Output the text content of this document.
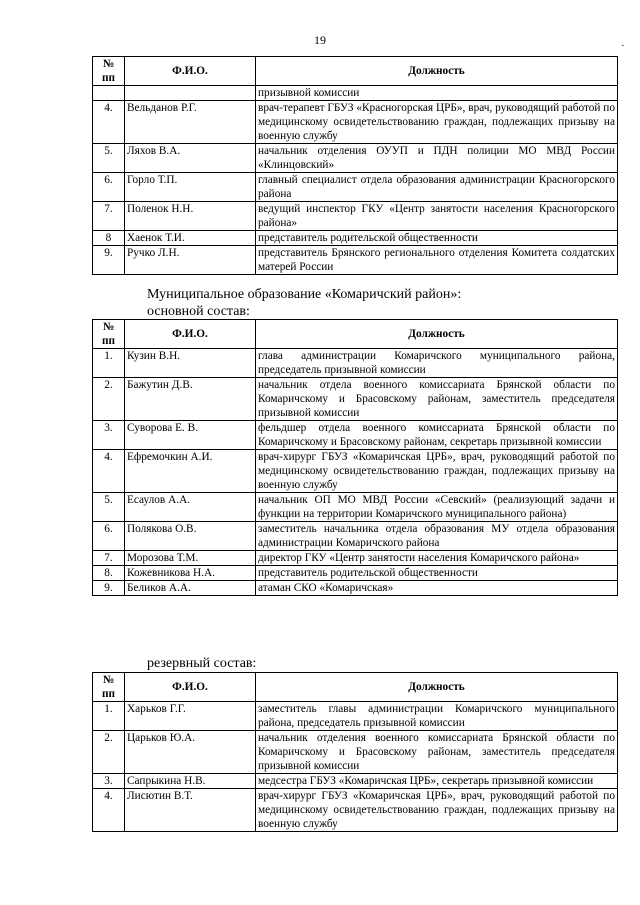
19	·
№ пп	Ф.И.О.	Должность
		призывной комиссии
4.	Вельданов Р.Г.	врач-терапевт ГБУЗ «Красногорская ЦРБ», врач, руководящий работой по медицинскому освидетельствованию граждан, подлежащих призыву на военную службу
5.	Ляхов В.А.	начальник отделения ОУУП и ПДН полиции МО МВД России «Клинцовский»
6.	Горло Т.П.	главный специалист отдела образования администрации Красногорского района
7.	Поленок Н.Н.	ведущий инспектор ГКУ «Центр занятости населения Красногорского района»
8	Хаенок Т.И.	представитель родительской общественности
9.	Ручко Л.Н.	представитель Брянского регионального отделения Комитета солдатских матерей России
Муниципальное образование «Комаричский район»:
основной состав:
№ пп	Ф.И.О.	Должность
1.	Кузин В.Н.	глава администрации Комаричского муниципального района, председатель призывной комиссии
2.	Бажутин Д.В.	начальник отдела военного комиссариата Брянской области по Комаричскому и Брасовскому районам, заместитель председателя призывной комиссии
3.	Суворова Е. В.	фельдшер отдела военного комиссариата Брянской области по Комаричскому и Брасовскому районам, секретарь призывной комиссии
4.	Ефремочкин А.И.	врач-хирург ГБУЗ «Комаричская ЦРБ», врач, руководящий работой по медицинскому освидетельствованию граждан, подлежащих призыву на военную службу
5.	Есаулов А.А.	начальник ОП МО МВД России «Севский» (реализующий задачи и функции на территории Комаричского муниципального района)
6.	Полякова О.В.	заместитель начальника отдела образования МУ отдела образования администрации Комаричского района
7.	Морозова Т.М.	директор ГКУ «Центр занятости населения Комаричского района»
8.	Кожевникова Н.А.	представитель родительской общественности
9.	Беликов А.А.	атаман СКО «Комаричская»
резервный состав:
№ пп	Ф.И.О.	Должность
1.	Харьков Г.Г.	заместитель главы администрации Комаричского муниципального района, председатель призывной комиссии
2.	Царьков Ю.А.	начальник отделения военного комиссариата Брянской области по Комаричскому и Брасовскому районам, заместитель председателя призывной комиссии
3.	Сапрыкина Н.В.	медсестра ГБУЗ «Комаричская ЦРБ», секретарь призывной комиссии
4.	Лисютин В.Т.	врач-хирург ГБУЗ «Комаричская ЦРБ», врач, руководящий работой по медицинскому освидетельствованию граждан, подлежащих призыву на военную службу
